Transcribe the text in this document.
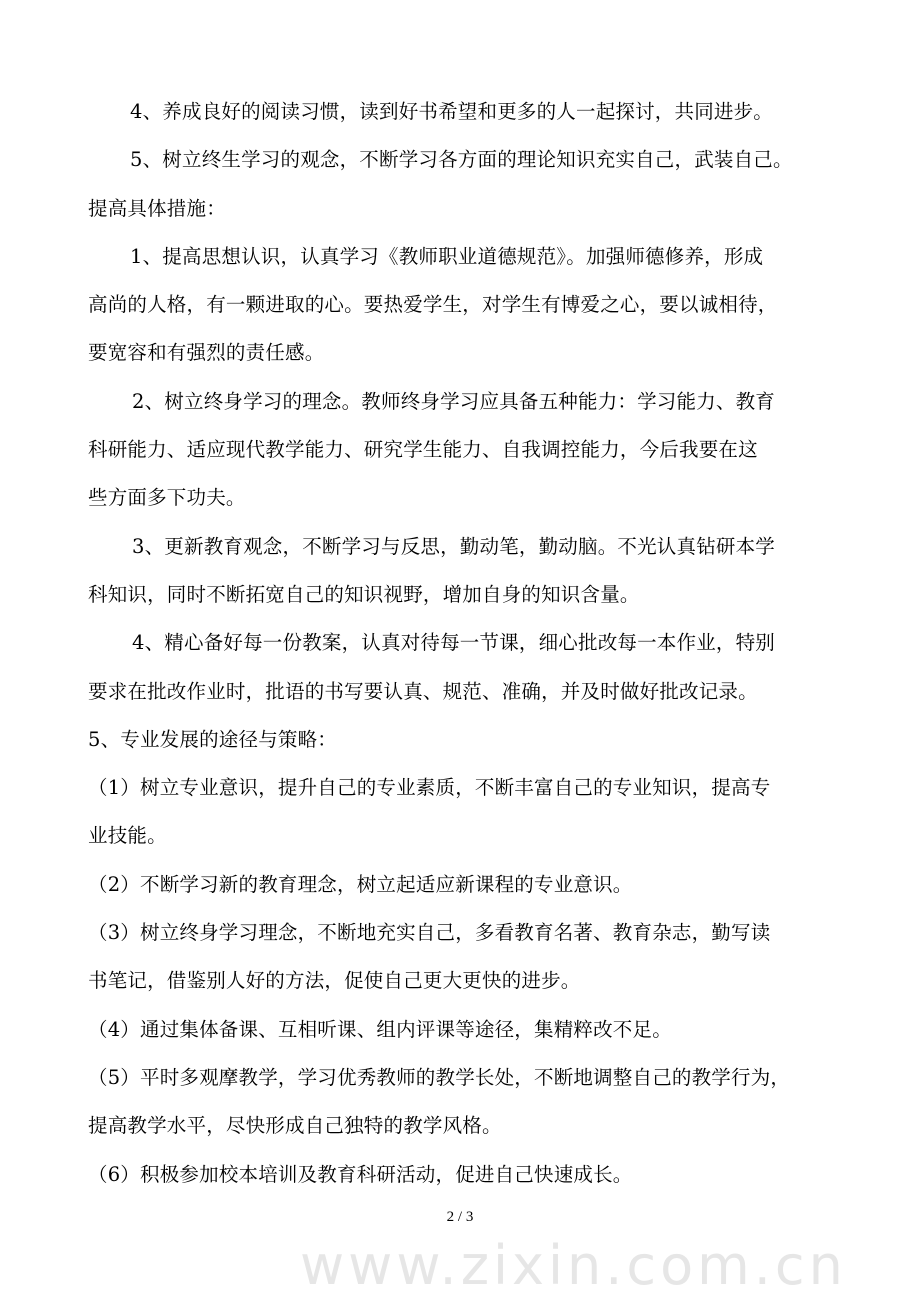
4、养成良好的阅读习惯，读到好书希望和更多的人一起探讨，共同进步。
5、树立终生学习的观念，不断学习各方面的理论知识充实自己，武装自己。
提高具体措施：
1、提高思想认识，认真学习《教师职业道德规范》。加强师德修养，形成
高尚的人格，有一颗进取的心。要热爱学生，对学生有博爱之心，要以诚相待，
要宽容和有强烈的责任感。
2、树立终身学习的理念。教师终身学习应具备五种能力：学习能力、教育
科研能力、适应现代教学能力、研究学生能力、自我调控能力，今后我要在这
些方面多下功夫。
3、更新教育观念，不断学习与反思，勤动笔，勤动脑。不光认真钻研本学
科知识，同时不断拓宽自己的知识视野，增加自身的知识含量。
4、精心备好每一份教案，认真对待每一节课，细心批改每一本作业，特别
要求在批改作业时，批语的书写要认真、规范、准确，并及时做好批改记录。
5、专业发展的途径与策略：
（1）树立专业意识，提升自己的专业素质，不断丰富自己的专业知识，提高专
业技能。
（2）不断学习新的教育理念，树立起适应新课程的专业意识。
（3）树立终身学习理念，不断地充实自己，多看教育名著、教育杂志，勤写读
书笔记，借鉴别人好的方法，促使自己更大更快的进步。
（4）通过集体备课、互相听课、组内评课等途径，集精粹改不足。
（5）平时多观摩教学，学习优秀教师的教学长处，不断地调整自己的教学行为，
提高教学水平，尽快形成自己独特的教学风格。
（6）积极参加校本培训及教育科研活动，促进自己快速成长。
2 / 3
www.zixin.com.cn
